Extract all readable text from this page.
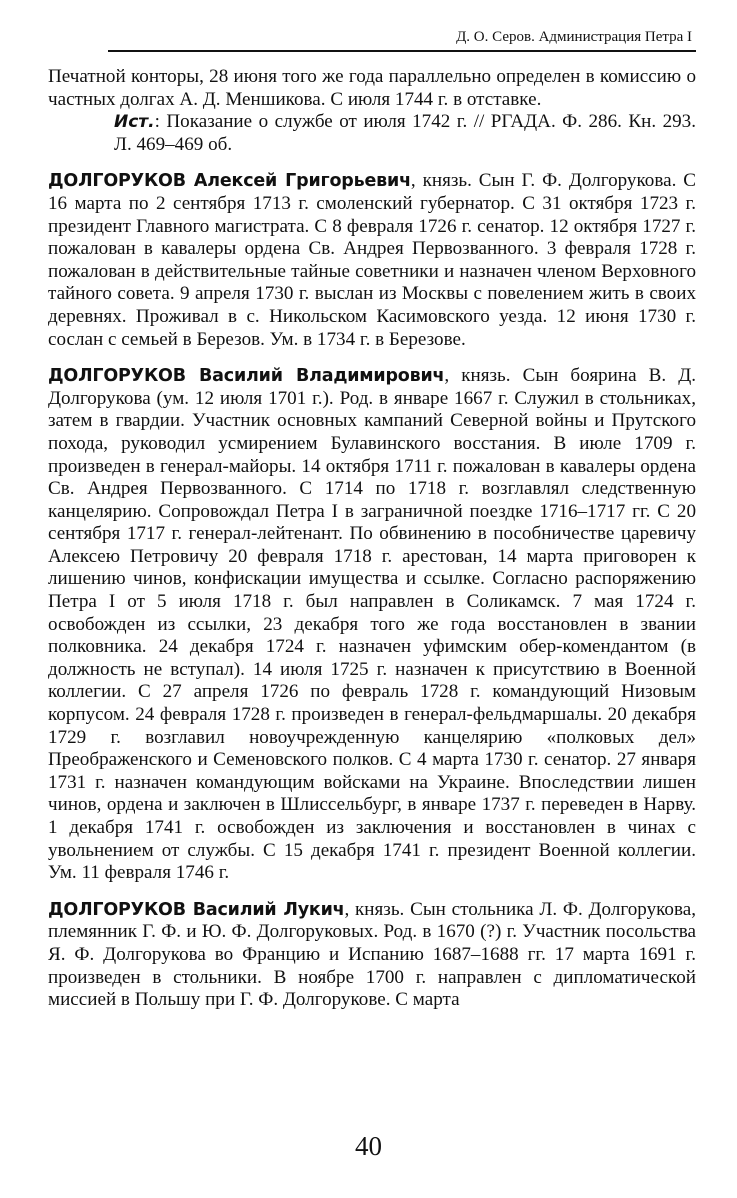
Д. О. Серов. Администрация Петра I

Печатной конторы, 28 июня того же года параллельно определен в комиссию о частных долгах А. Д. Меншикова. С июля 1744 г. в отставке.

Ист.: Показание о службе от июля 1742 г. // РГАДА. Ф. 286. Кн. 293. Л. 469–469 об.

ДОЛГОРУКОВ Алексей Григорьевич, князь. Сын Г. Ф. Долгорукова. С 16 марта по 2 сентября 1713 г. смоленский губернатор. С 31 октября 1723 г. президент Главного магистрата. С 8 февраля 1726 г. сенатор. 12 октября 1727 г. пожалован в кавалеры ордена Св. Андрея Первозванного. 3 февраля 1728 г. пожалован в действительные тайные советники и назначен членом Верховного тайного совета. 9 апреля 1730 г. выслан из Москвы с повелением жить в своих деревнях. Проживал в с. Никольском Касимовского уезда. 12 июня 1730 г. сослан с семьей в Березов. Ум. в 1734 г. в Березове.

ДОЛГОРУКОВ Василий Владимирович, князь. Сын боярина В. Д. Долгорукова (ум. 12 июля 1701 г.). Род. в январе 1667 г. Служил в стольниках, затем в гвардии. Участник основных кампаний Северной войны и Прутского похода, руководил усмирением Булавинского восстания. В июле 1709 г. произведен в генерал-майоры. 14 октября 1711 г. пожалован в кавалеры ордена Св. Андрея Первозванного. С 1714 по 1718 г. возглавлял следственную канцелярию. Сопровождал Петра I в заграничной поездке 1716–1717 гг. С 20 сентября 1717 г. генерал-лейтенант. По обвинению в пособничестве царевичу Алексею Петровичу 20 февраля 1718 г. арестован, 14 марта приговорен к лишению чинов, конфискации имущества и ссылке. Согласно распоряжению Петра I от 5 июля 1718 г. был направлен в Соликамск. 7 мая 1724 г. освобожден из ссылки, 23 декабря того же года восстановлен в звании полковника. 24 декабря 1724 г. назначен уфимским обер-комендантом (в должность не вступал). 14 июля 1725 г. назначен к присутствию в Военной коллегии. С 27 апреля 1726 по февраль 1728 г. командующий Низовым корпусом. 24 февраля 1728 г. произведен в генерал-фельдмаршалы. 20 декабря 1729 г. возглавил новоучрежденную канцелярию «полковых дел» Преображенского и Семеновского полков. С 4 марта 1730 г. сенатор. 27 января 1731 г. назначен командующим войсками на Украине. Впоследствии лишен чинов, ордена и заключен в Шлиссельбург, в январе 1737 г. переведен в Нарву. 1 декабря 1741 г. освобожден из заключения и восстановлен в чинах с увольнением от службы. С 15 декабря 1741 г. президент Военной коллегии. Ум. 11 февраля 1746 г.

ДОЛГОРУКОВ Василий Лукич, князь. Сын стольника Л. Ф. Долгорукова, племянник Г. Ф. и Ю. Ф. Долгоруковых. Род. в 1670 (?) г. Участник посольства Я. Ф. Долгорукова во Францию и Испанию 1687–1688 гг. 17 марта 1691 г. произведен в стольники. В ноябре 1700 г. направлен с дипломатической миссией в Польшу при Г. Ф. Долгорукове. С марта

40
